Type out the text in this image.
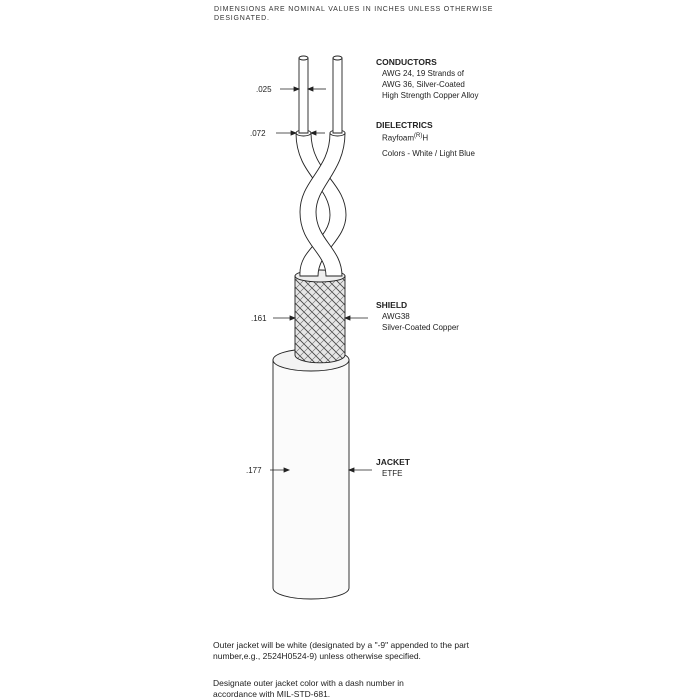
DIMENSIONS ARE NOMINAL VALUES IN INCHES UNLESS OTHERWISE
DESIGNATED.
.025
.072
.161
.177
CONDUCTORS
AWG 24, 19 Strands of
AWG 36, Silver-Coated
High Strength Copper Alloy
DIELECTRICS
Rayfoam$^{(R)}$H
Colors - White / Light Blue
SHIELD
AWG38
Silver-Coated Copper
JACKET
ETFE
Outer jacket will be white (designated by a "-9" appended to the part
number,e.g., 2524H0524-9) unless otherwise specified.
Designate outer jacket color with a dash number in
accordance with MIL-STD-681.
